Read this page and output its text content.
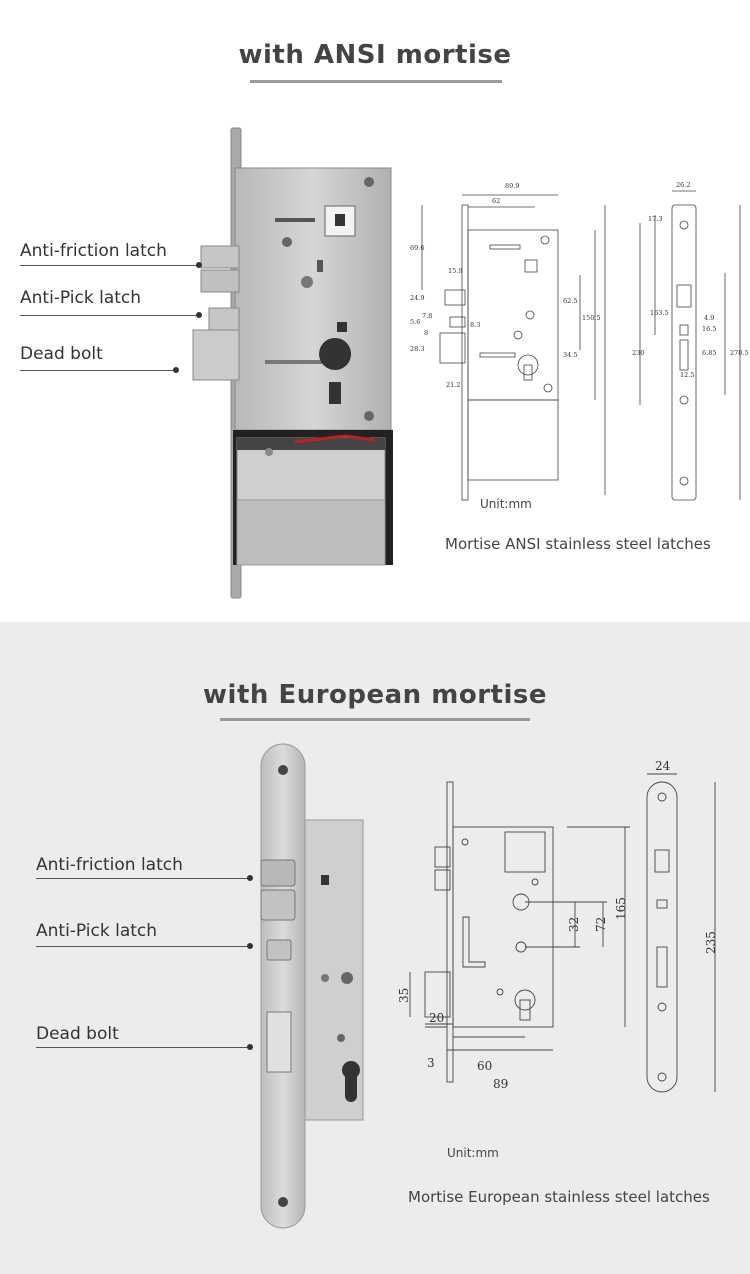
with ANSI mortise
Anti-friction latch
Anti-Pick latch
Dead bolt
89.9
62
69.6
15.9
24.9
7.8
5.6
8
8.3
28.3
21.2
62.5
150.5
34.5
26.2
17.3
163.5
4.9
16.5
6.85
12.5
230	270.5
Unit:mm
Mortise ANSI stainless steel latches
with European mortise
Anti-friction latch
Anti-Pick latch
Dead bolt
24
165
72
35
32
20
3	60
89
235
Unit:mm
Mortise European stainless steel latches
